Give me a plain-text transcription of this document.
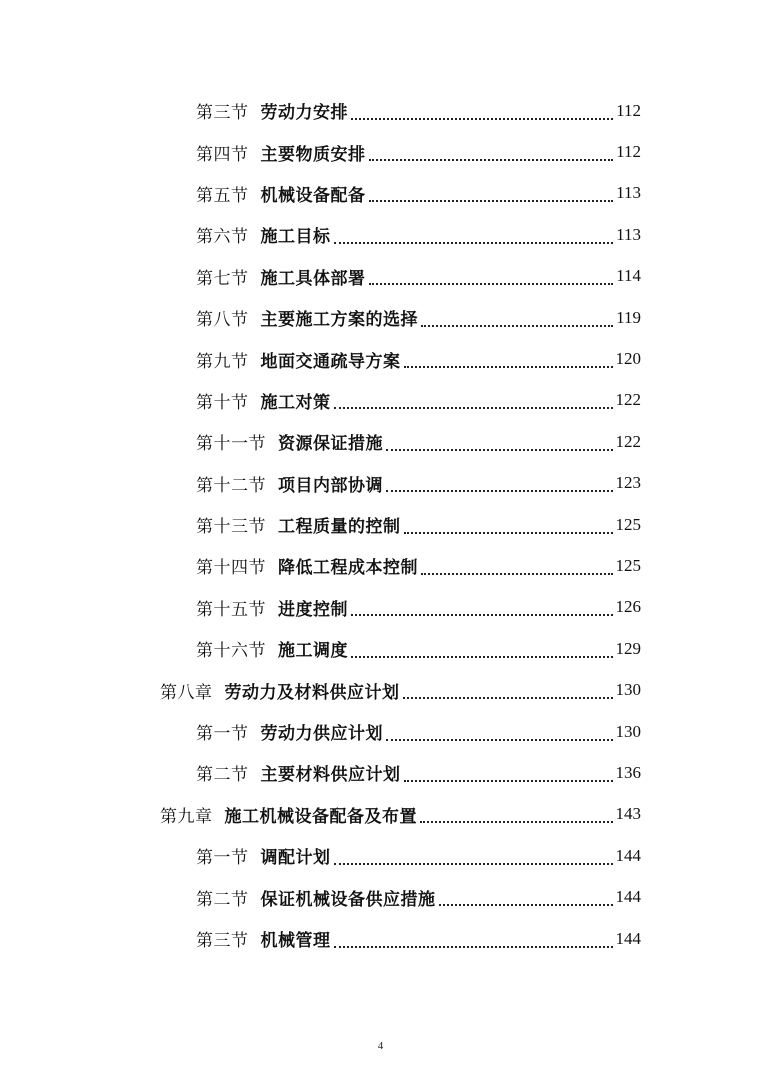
第三节 劳动力安排	112
第四节 主要物质安排	112
第五节 机械设备配备	113
第六节 施工目标	113
第七节 施工具体部署	114
第八节 主要施工方案的选择	119
第九节 地面交通疏导方案	120
第十节 施工对策	122
第十一节 资源保证措施	122
第十二节 项目内部协调	123
第十三节 工程质量的控制	125
第十四节 降低工程成本控制	125
第十五节 进度控制	126
第十六节 施工调度	129
第八章 劳动力及材料供应计划	130
第一节 劳动力供应计划	130
第二节 主要材料供应计划	136
第九章 施工机械设备配备及布置	143
第一节 调配计划	144
第二节 保证机械设备供应措施	144
第三节 机械管理	144
4
